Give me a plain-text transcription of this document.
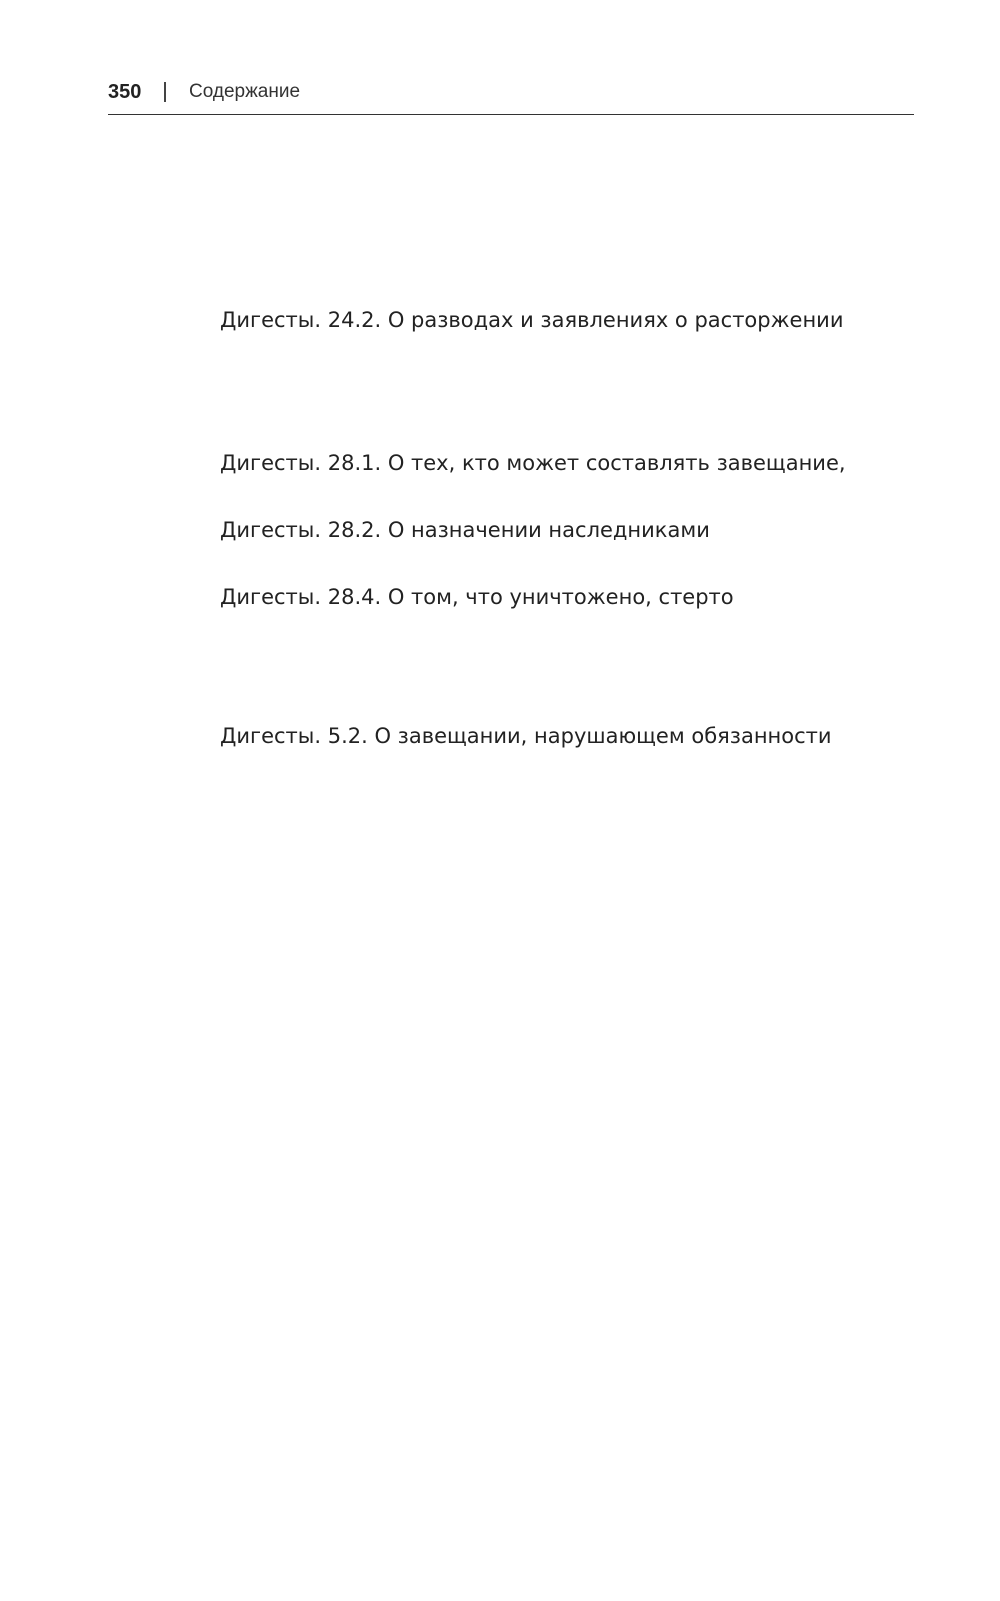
350	Содержание
Дигесты. 24.2. О разводах и заявлениях о расторжении
Дигесты. 28.1. О тех, кто может составлять завещание,
Дигесты. 28.2. О назначении наследниками
Дигесты. 28.4. О том, что уничтожено, стерто
Дигесты. 5.2. О завещании, нарушающем обязанности
